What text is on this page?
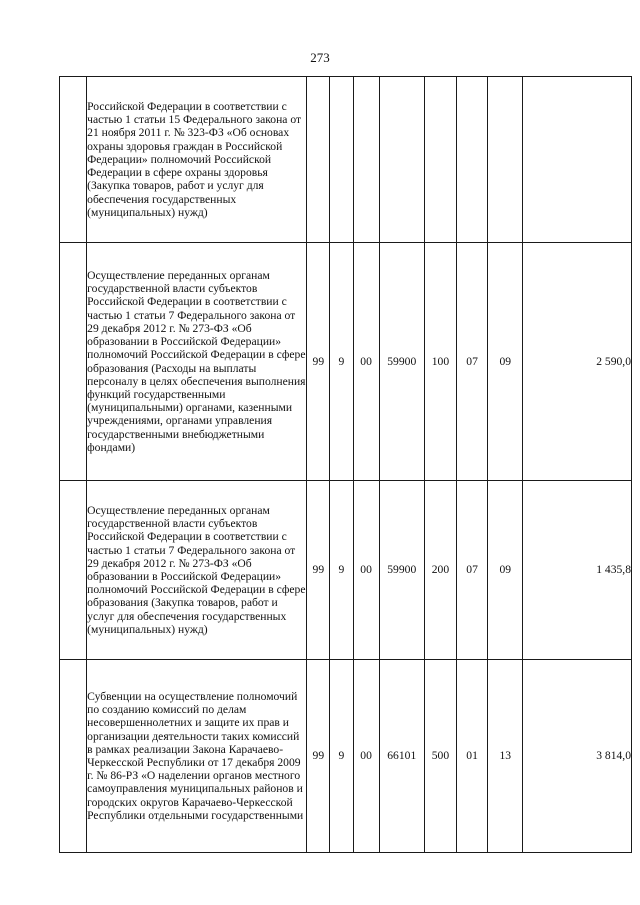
273
	Российской Федерации в соответствии с частью 1 статьи 15 Федерального закона от 21 ноября 2011 г. № 323-ФЗ «Об основах охраны здоровья граждан в Российской Федерации» полномочий Российской Федерации в сфере охраны здоровья (Закупка товаров, работ и услуг для обеспечения государственных (муниципальных) нужд)								
	Осуществление переданных органам государственной власти субъектов Российской Федерации в соответствии с частью 1 статьи 7 Федерального закона от 29 декабря 2012 г. № 273-ФЗ «Об образовании в Российской Федерации» полномочий Российской Федерации в сфере образования (Расходы на выплаты персоналу в целях обеспечения выполнения функций государственными (муниципальными) органами, казенными учреждениями, органами управления государственными внебюджетными фондами)	99	9	00	59900	100	07	09	2 590,0
	Осуществление переданных органам государственной власти субъектов Российской Федерации в соответствии с частью 1 статьи 7 Федерального закона от 29 декабря 2012 г. № 273-ФЗ «Об образовании в Российской Федерации» полномочий Российской Федерации в сфере образования (Закупка товаров, работ и услуг для обеспечения государственных (муниципальных) нужд)	99	9	00	59900	200	07	09	1 435,8
	Субвенции на осуществление полномочий по созданию комиссий по делам несовершеннолетних и защите их прав и организации деятельности таких комиссий в рамках реализации Закона Карачаево-Черкесской Республики от 17 декабря 2009 г. № 86-РЗ «О наделении органов местного самоуправления муниципальных районов и городских округов Карачаево-Черкесской Республики отдельными государственными	99	9	00	66101	500	01	13	3 814,0
